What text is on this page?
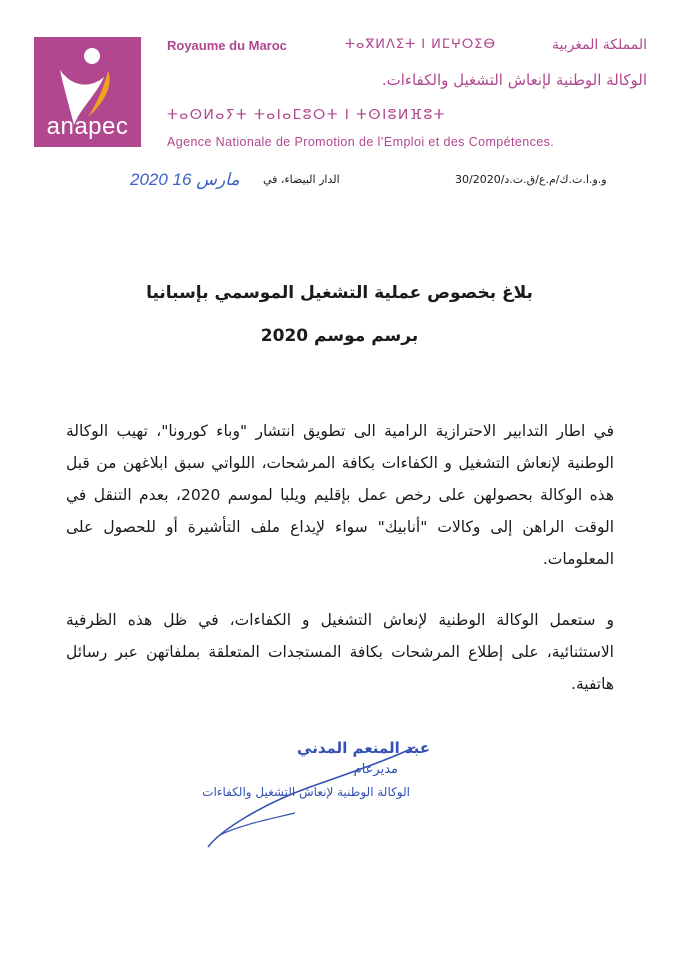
anapec
Royaume du Maroc	ⵜⴰⴳⵍⴷⵉⵜ ⵏ ⵍⵎⵖⵔⵉⴱ	المملكة المغربية
الوكالة الوطنية لإنعاش التشغيل والكفاءات.
ⵜⴰⵙⵍⴰⵢⵜ ⵜⴰⵏⴰⵎⵓⵔⵜ ⵏ ⵜⵙⵏⵓⵍⴼⵓⵜ
Agence Nationale de Promotion de l’Emploi et des Compétences.
2020 مارس 16 الدار البيضاء، في	و.و.ا.ت.ك/م.ع/ق.ت.د/30/2020
بلاغ بخصوص عملية التشغيل الموسمي بإسبانيا
برسم موسم 2020
في اطار التدابير الاحترازية الرامية الى تطويق انتشار "وباء كورونا"، تهيب الوكالة الوطنية لإنعاش التشغيل و الكفاءات بكافة المرشحات، اللواتي سبق ابلاغهن من قبل هذه الوكالة بحصولهن على رخص عمل بإقليم ويلبا لموسم 2020، بعدم التنقل في الوقت الراهن إلى وكالات "أنابيك" سواء لإيداع ملف التأشيرة أو للحصول على المعلومات.
و ستعمل الوكالة الوطنية لإنعاش التشغيل و الكفاءات، في ظل هذه الظرفية الاستثنائية، على إطلاع المرشحات بكافة المستجدات المتعلقة بملفاتهن عبر رسائل هاتفية.
عبد المنعم المدني
مديرعام
الوكالة الوطنية لإنعاش التشغيل والكفاءات
